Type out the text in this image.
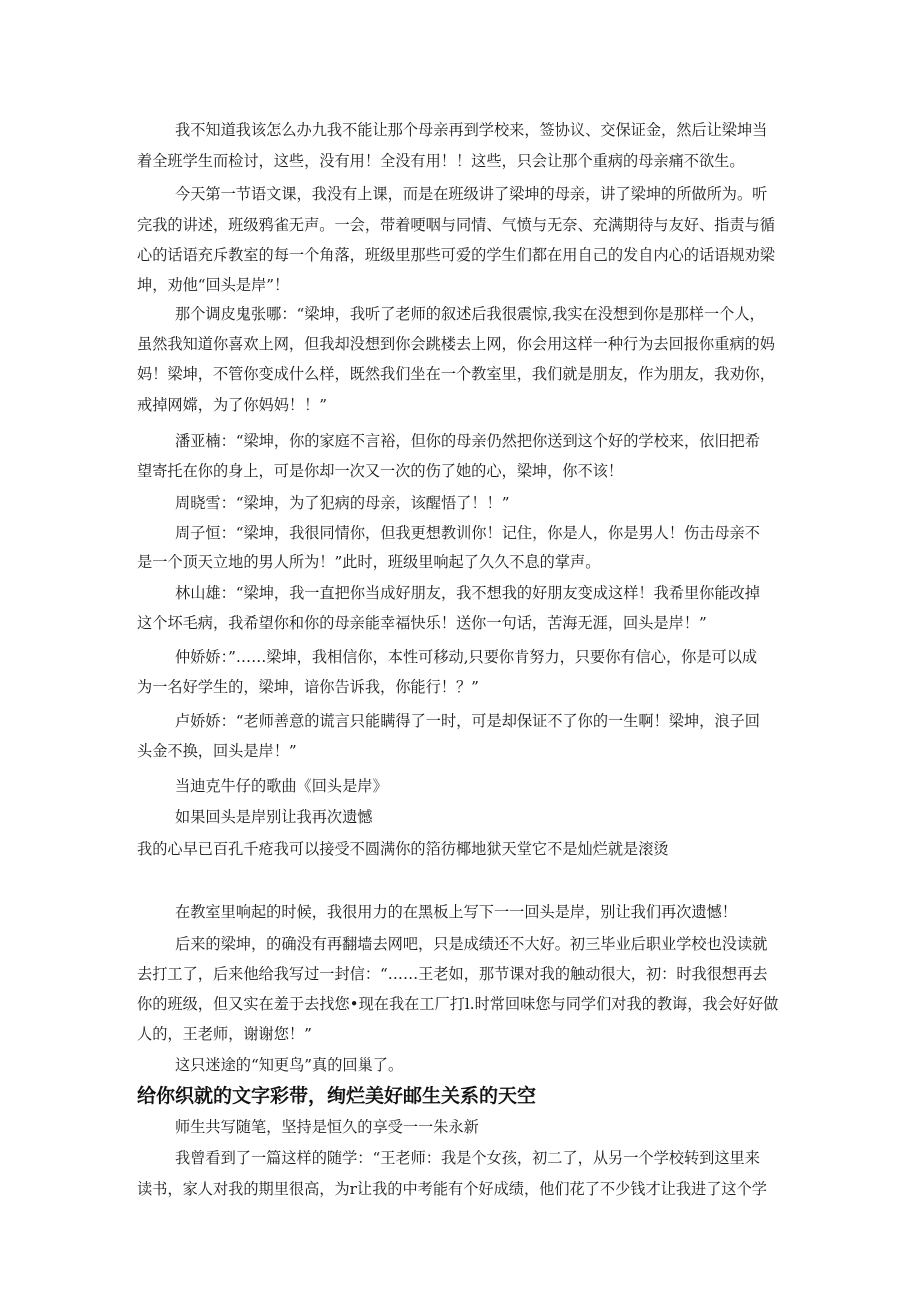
我不知道我该怎么办九我不能让那个母亲再到学校来，签协议、交保证金，然后让梁坤当

着全班学生而检讨，这些，没有用！全没有用！！这些，只会让那个重病的母亲痛不欲生。

今天第一节语文课，我没有上课，而是在班级讲了梁坤的母亲，讲了梁坤的所做所为。听

完我的讲述，班级鸦雀无声。一会，带着哽咽与同情、气愤与无奈、充满期待与友好、指责与循

心的话语充斥教室的每一个角落，班级里那些可爱的学生们都在用自己的发自内心的话语规劝梁

坤，劝他“回头是岸”！

那个调皮鬼张哪：“梁坤，我听了老师的叙述后我很震惊,我实在没想到你是那样一个人，

虽然我知道你喜欢上网，但我却没想到你会跳楼去上网，你会用这样一种行为去回报你重病的妈

妈！梁坤，不管你变成什么样，既然我们坐在一个教室里，我们就是朋友，作为朋友，我劝你，

戒掉网嫦，为了你妈妈！！”

潘亚楠：“梁坤，你的家庭不言裕，但你的母亲仍然把你送到这个好的学校来，依旧把希

望寄托在你的身上，可是你却一次又一次的伤了她的心，梁坤，你不该！

周晓雪：“梁坤，为了犯病的母亲，该醒悟了！！”

周子恒：“梁坤，我很同情你，但我更想教训你！记住，你是人，你是男人！伤击母亲不

是一个顶天立地的男人所为！”此时，班级里响起了久久不息的掌声。

林山雄：“梁坤，我一直把你当成好朋友，我不想我的好朋友变成这样！我希里你能改掉

这个坏毛病，我希望你和你的母亲能幸福快乐！送你一句话，苦海无涯，回头是岸！”

仲娇娇：”……梁坤，我相信你，本性可移动,只要你肯努力，只要你有信心，你是可以成

为一名好学生的，梁坤，谙你告诉我，你能行！？”

卢娇娇：“老师善意的谎言只能瞒得了一时，可是却保证不了你的一生啊！梁坤，浪子回

头金不换，回头是岸！”

当迪克牛仔的歌曲《回头是岸》

如果回头是岸别让我再次遗憾

我的心早已百孔千疮我可以接受不圆满你的箔彷椰地狱天堂它不是灿烂就是滚烫

在教室里响起的时候，我很用力的在黑板上写下一一回头是岸，别让我们再次遗憾！

后来的梁坤，的确没有再翻墙去网吧，只是成绩还不大好。初三毕业后职业学校也没读就

去打工了，后来他给我写过一封信：“……王老如，那节课对我的触动很大，初：时我很想再去

你的班级，但又实在羞于去找您•现在我在工厂打l.时常回味您与同学们对我的教诲，我会好好做

人的，王老师，谢谢您！”

这只迷途的“知更鸟”真的回巢了。

给你织就的文字彩带，绚烂美好邮生关系的天空

师生共写随笔，坚持是恒久的享受一一朱永新

我曾看到了一篇这样的随学：“王老师：我是个女孩，初二了，从另一个学校转到这里来

读书，家人对我的期里很高，为r让我的中考能有个好成绩，他们花了不少钱才让我进了这个学
